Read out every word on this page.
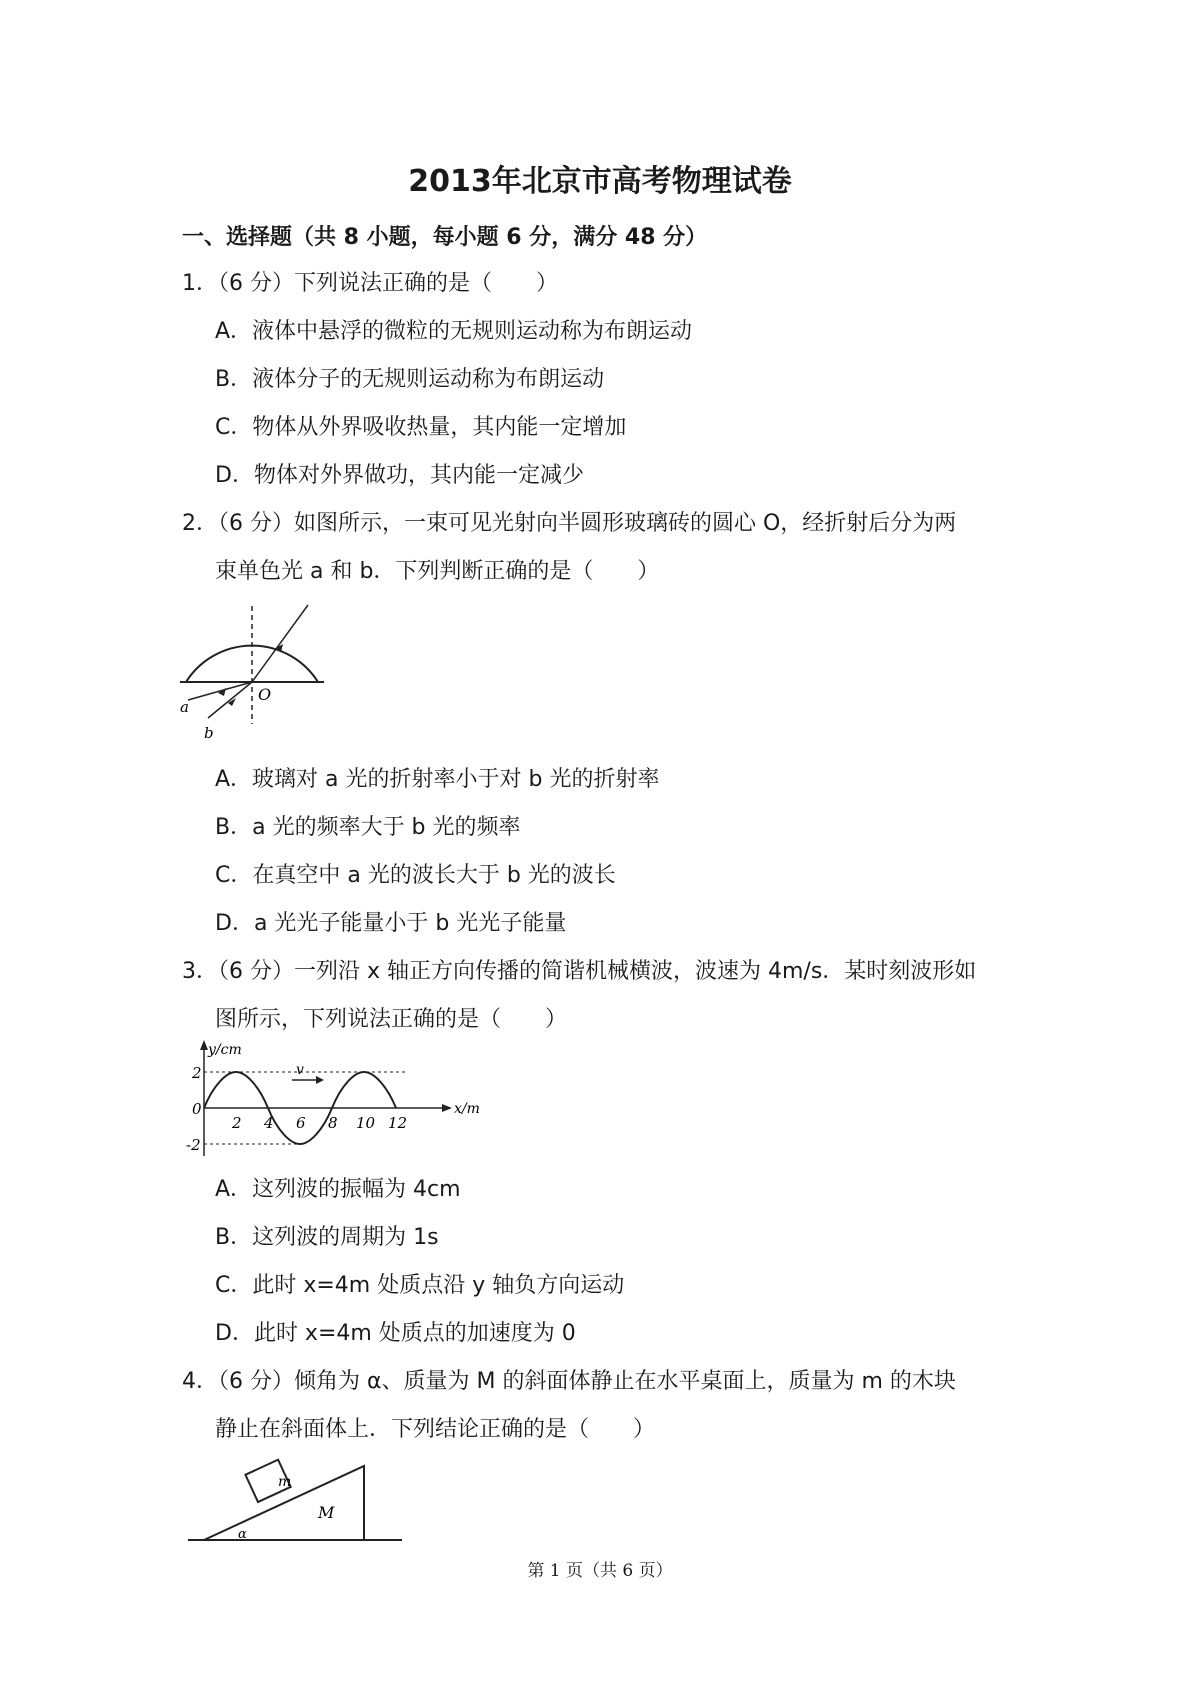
2013年北京市高考物理试卷
一、选择题（共 8 小题，每小题 6 分，满分 48 分）
1．（6 分）下列说法正确的是（　　）
A．液体中悬浮的微粒的无规则运动称为布朗运动
B．液体分子的无规则运动称为布朗运动
C．物体从外界吸收热量，其内能一定增加
D．物体对外界做功，其内能一定减少
2．（6 分）如图所示，一束可见光射向半圆形玻璃砖的圆心 O，经折射后分为两
束单色光 a 和 b．下列判断正确的是（　　）
O
a
b
A．玻璃对 a 光的折射率小于对 b 光的折射率
B．a 光的频率大于 b 光的频率
C．在真空中 a 光的波长大于 b 光的波长
D．a 光光子能量小于 b 光光子能量
3．（6 分）一列沿 x 轴正方向传播的简谐机械横波，波速为 4m/s．某时刻波形如
图所示，下列说法正确的是（　　）
v
y/cm
x/m
2
0
-2
2 4 6 8 10 12
A．这列波的振幅为 4cm
B．这列波的周期为 1s
C．此时 x=4m 处质点沿 y 轴负方向运动
D．此时 x=4m 处质点的加速度为 0
4．（6 分）倾角为 α、质量为 M 的斜面体静止在水平桌面上，质量为 m 的木块
静止在斜面体上．下列结论正确的是（　　）
m
M
α
第 1 页（共 6 页）
